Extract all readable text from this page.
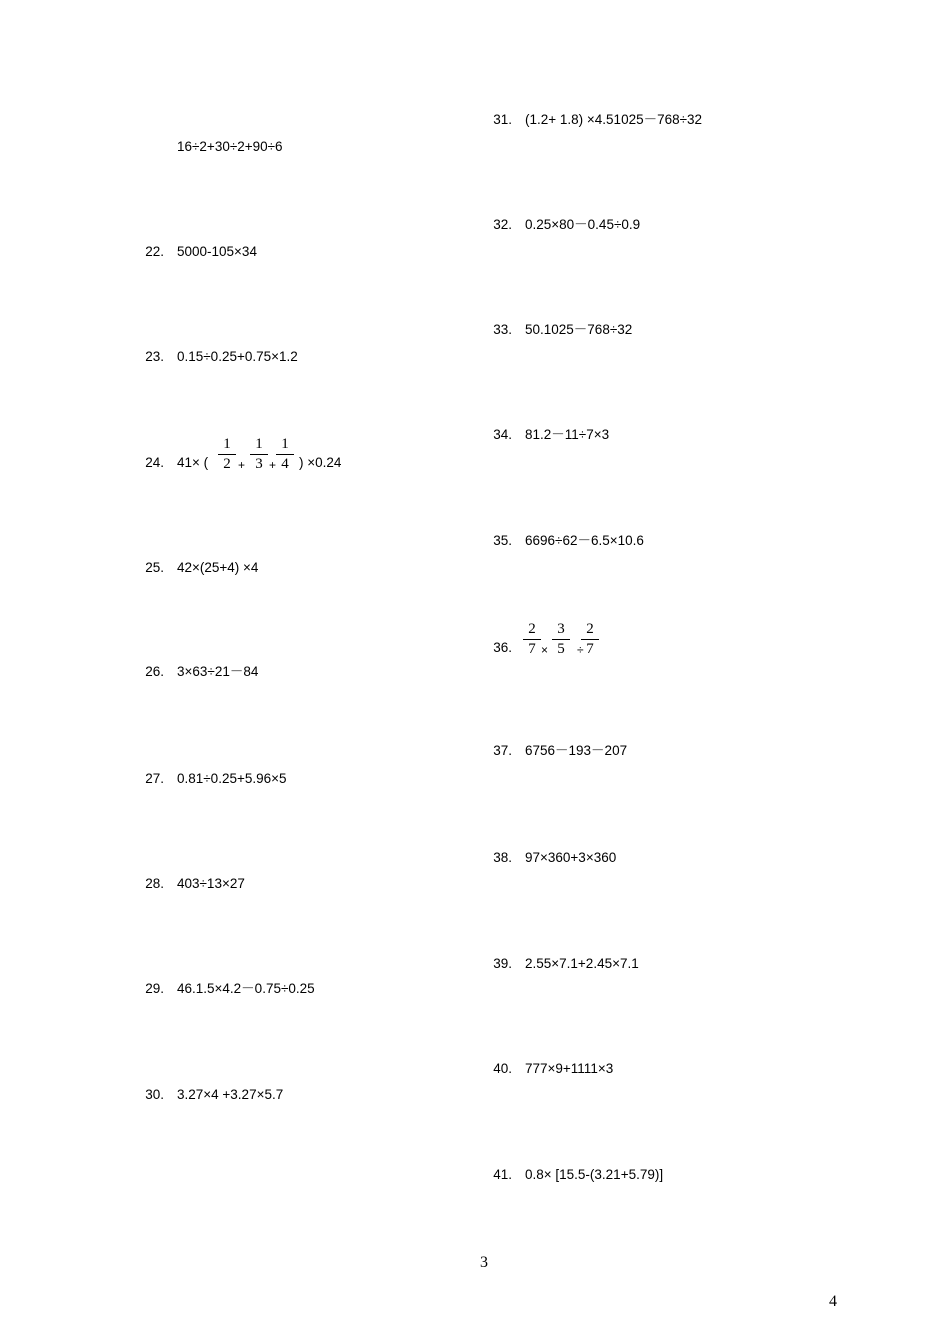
16÷2+30÷2+90÷6
22. 5000-105×34
23. 0.15÷0.25+0.75×1.2
24. 41× (
1
2 +
1
3 +
1
4 ) ×0.24
25. 42×(25+4) ×4
26. 3×63÷21－84
27. 0.81÷0.25+5.96×5
28. 403÷13×27
29. 46.1.5×4.2－0.75÷0.25
30. 3.27×4 +3.27×5.7
31. (1.2+ 1.8) ×4.51025－768÷32
32. 0.25×80－0.45÷0.9
33. 50.1025－768÷32
34. 81.2－11÷7×3
35. 6696÷62－6.5×10.6
36.
2
7 ×
3
5	÷
2
7
37. 6756－193－207
38. 97×360+3×360
39. 2.55×7.1+2.45×7.1
40. 777×9+1111×3
41. 0.8× [15.5-(3.21+5.79)]
3
4
